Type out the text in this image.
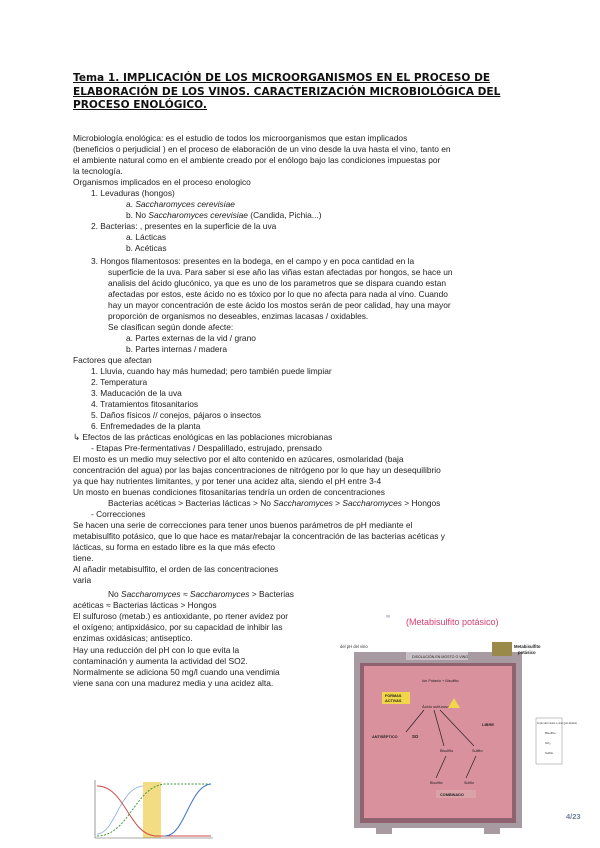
Tema 1. IMPLICACIÓN DE LOS MICROORGANISMOS EN EL PROCESO DE ELABORACIÓN DE LOS VINOS. CARACTERIZACIÓN MICROBIOLÓGICA DEL PROCESO ENOLÓGICO.
Microbiología enológica: es el estudio de todos los microorganismos que estan implicados
(beneficios o perjudicial ) en el proceso de elaboración de un vino desde la uva hasta el vino, tanto en
el ambiente natural como en el ambiente creado por el enólogo bajo las condiciones impuestas por
la tecnología.
Organismos implicados en el proceso enologico
1. Levaduras (hongos)
a. Saccharomyces cerevisiae
b. No Saccharomyces cerevisiae (Candida, Pichia...)
2. Bacterias: , presentes en la superficie de la uva
a. Lácticas
b. Acéticas
3. Hongos filamentosos: presentes en la bodega, en el campo y en poca cantidad en la
superficie de la uva. Para saber si ese año las viñas estan afectadas por hongos, se hace un
analisis del ácido glucónico, ya que es uno de los parametros que se dispara cuando estan
afectadas por estos, este ácido no es tóxico por lo que no afecta para nada al vino. Cuando
hay un mayor concentración de este ácido los mostos serán de peor calidad, hay una mayor
proporción de organismos no deseables, enzimas lacasas / oxidables.
Se clasifican según donde afecte:
a. Partes externas de la vid / grano
b. Partes internas / madera
Factores que afectan
1. Lluvia, cuando hay más humedad; pero también puede limpiar
2. Temperatura
3. Maducación de la uva
4. Tratamientos fitosanitarios
5. Daños físicos // conejos, pájaros o insectos
6. Enfremedades de la planta
↳ Efectos de las prácticas enológicas en las poblaciones microbianas
- Etapas Pre-fermentativas / Despalillado, estrujado, prensado
El mosto es un medio muy selectivo por el alto contenido en azúcares, osmolaridad (baja
concentración del agua) por las bajas concentraciones de nitrógeno por lo que hay un desequilibrio
ya que hay nutrientes limitantes, y por tener una acidez alta, siendo el pH entre 3-4
Un mosto en buenas condiciones fitosanitarias tendría un orden de concentraciones
Bacterias acéticas > Bacterias lácticas > No Saccharomyces > Saccharomyces > Hongos
- Correcciones
Se hacen una serie de correcciones para tener unos buenos parámetros de pH mediante el
metabisulfito potásico, que lo que hace es matar/rebajar la concentración de las bacterias acéticas y
lácticas, su forma en estado libre es la que más efecto
tiene.
Al añadir metabisulfito, el orden de las concentraciones
varia
No Saccharomyces ≈ Saccharomyces > Bacterias
acéticas ≈ Bacterias lácticas > Hongos
El sulfuroso (metab.) es antioxidante, po rtener avidez por
el oxígeno; antipxidásico, por su capacidad de inhibir las
enzimas oxidásicas; antiseptico.
Hay una reducción del pH con lo que evita la
contaminación y aumenta la actividad del SO2.
Normalmente se adiciona 50 mg/l cuando una vendimia
viene sana con una madurez media y una acidez alta.
(Metabisulfito potásico)
ᵛᵉ
del pH del vino
DISOLUCIÓN EN MOSTO O VINO
Metabisulfito
potásico
Ión Potasio + Bisulfito
FORMAS
ACTIVAS
Ácido sulfuroso
ANTISÉPTICO	SO
Bisulfito	Sulfito
LIBRE
Bisulfito	Sulfito
COMBINADO
Al pH del mosto o vino (pH ácidos)
Bisulfito
SO₂
Sulfito
4/23
